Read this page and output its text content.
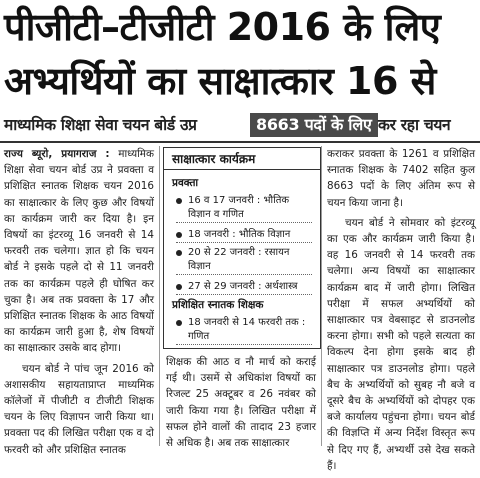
पीजीटी–टीजीटी 2016 के लिए
अभ्यर्थियों का साक्षात्कार 16 से
माध्यमिक शिक्षा सेवा चयन बोर्ड उप्र	8663 पदों के लिए कर रहा चयन

राज्य ब्यूरो, प्रयागराज : माध्यमिक शिक्षा सेवा चयन बोर्ड उप्र ने प्रवक्ता व प्रशिक्षित स्नातक शिक्षक चयन 2016 का साक्षात्कार के लिए कुछ और विषयों का कार्यक्रम जारी कर दिया है। इन विषयों का इंटरव्यू 16 जनवरी से 14 फरवरी तक चलेगा। ज्ञात हो कि चयन बोर्ड ने इसके पहले दो से 11 जनवरी तक का कार्यक्रम पहले ही घोषित कर चुका है। अब तक प्रवक्ता के 17 और प्रशिक्षित स्नातक शिक्षक के आठ विषयों का कार्यक्रम जारी हुआ है, शेष विषयों का साक्षात्कार उसके बाद होगा।

चयन बोर्ड ने पांच जून 2016 को अशासकीय सहायताप्राप्त माध्यमिक कॉलेजों में पीजीटी व टीजीटी शिक्षक चयन के लिए विज्ञापन जारी किया था। प्रवक्ता पद की लिखित परीक्षा एक व दो फरवरी को और प्रशिक्षित स्नातक

साक्षात्कार कार्यक्रम
प्रवक्ता
16 व 17 जनवरी : भौतिक विज्ञान व गणित
18 जनवरी : भौतिक विज्ञान
20 से 22 जनवरी : रसायन विज्ञान
27 से 29 जनवरी : अर्थशास्त्र
प्रशिक्षित स्नातक शिक्षक
18 जनवरी से 14 फरवरी तक : गणित

शिक्षक की आठ व नौ मार्च को कराई गई थी। उसमें से अधिकांश विषयों का रिजल्ट 25 अक्टूबर व 26 नवंबर को जारी किया गया है। लिखित परीक्षा में सफल होने वालों की तादाद 23 हजार से अधिक है। अब तक साक्षात्कार

कराकर प्रवक्ता के 1261 व प्रशिक्षित स्नातक शिक्षक के 7402 सहित कुल 8663 पदों के लिए अंतिम रूप से चयन किया जाना है।

चयन बोर्ड ने सोमवार को इंटरव्यू का एक और कार्यक्रम जारी किया है। वह 16 जनवरी से 14 फरवरी तक चलेगा। अन्य विषयों का साक्षात्कार कार्यक्रम बाद में जारी होगा। लिखित परीक्षा में सफल अभ्यर्थियों को साक्षात्कार पत्र वेबसाइट से डाउनलोड करना होगा। सभी को पहले सत्यता का विकल्प देना होगा इसके बाद ही साक्षात्कार पत्र डाउनलोड होगा। पहले बैच के अभ्यर्थियों को सुबह नौ बजे व दूसरे बैच के अभ्यर्थियों को दोपहर एक बजे कार्यालय पहुंचना होगा। चयन बोर्ड की विज्ञप्ति में अन्य निर्देश विस्तृत रूप से दिए गए हैं, अभ्यर्थी उसे देख सकते हैं।
